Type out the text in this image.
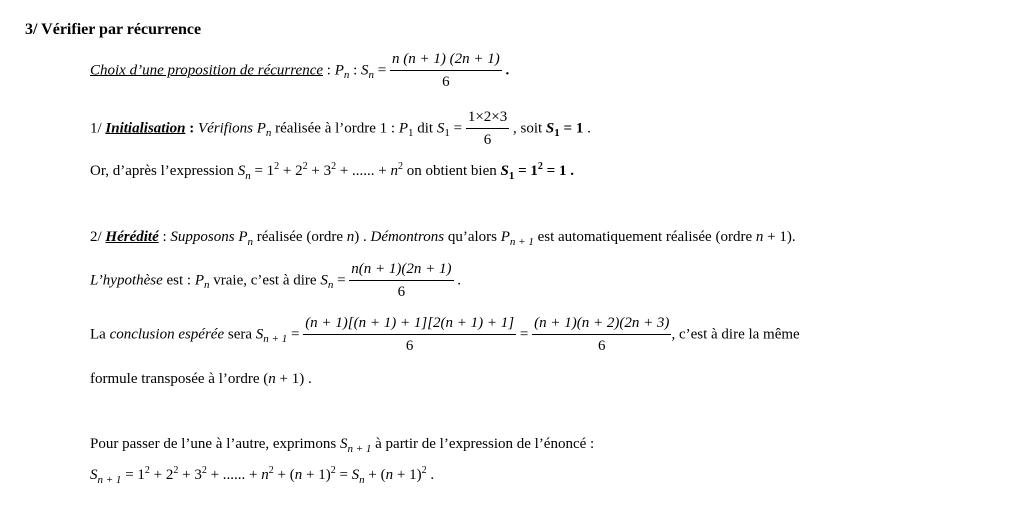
3/ Vérifier par récurrence
Choix d’une proposition de récurrence : $P_n$ : $S_n = \frac{n (n + 1) (2n + 1)}{6}$ .
1/ Initialisation : Vérifions $P_n$ réalisée à l’ordre 1 : $P_1$ dit $S_1 = \frac{1\times 2\times 3}{6}$ , soit $S_1 = 1$ .
Or, d’après l’expression $S_n = 1^2 + 2^2 + 3^2$ + ...... + $n^2$ on obtient bien $S_1 = 1^2 = 1$ .
2/ Hérédité : Supposons $P_n$ réalisée (ordre n) . Démontrons qu’alors $P_{n + 1}$ est automatiquement réalisée (ordre n + 1).
L’hypothèse est : $P_n$ vraie, c’est à dire $S_n = \frac{n(n + 1)(2n + 1)}{6}$ .
La conclusion espérée sera $S_{n + 1} = \frac{(n + 1)[(n + 1) + 1][2(n + 1) + 1]}{6} = \frac{(n + 1)(n + 2)(2n + 3)}{6}$ , c’est à dire la même
formule transposée à l’ordre (n + 1) .
Pour passer de l’une à l’autre, exprimons $S_{n + 1}$ à partir de l’expression de l’énoncé :
$S_{n + 1} = 1^2 + 2^2 + 3^2$ + ...... + $n^2 + (n + 1)^2 = S_n + (n + 1)^2$ .
